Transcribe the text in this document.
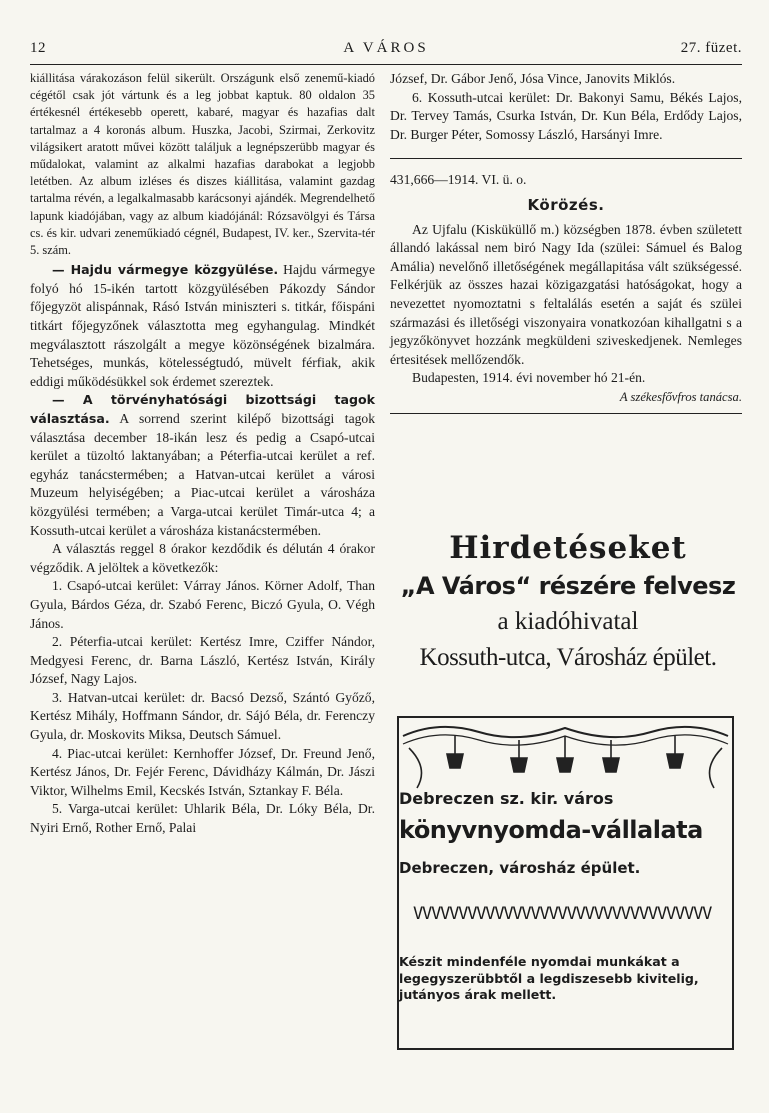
12	A VÁROS	27. füzet.

kiállitása várakozáson felül sikerült. Országunk első zenemű-kiadó cégétől csak jót vártunk és a leg jobbat kaptuk. 80 oldalon 35 értékesnél értékesebb operett, kabaré, magyar és hazafias dalt tartalmaz a 4 koronás album. Huszka, Jacobi, Szirmai, Zerkovitz világsikert aratott művei között találjuk a legnépszerübb magyar és műdalokat, valamint az alkalmi hazafias darabokat a legjobb letétben. Az album izléses és diszes kiállitása, valamint gazdag tartalma révén, a legalkalmasabb karácsonyi ajándék. Megrendelhető lapunk kiadójában, vagy az album kiadójánál: Rózsavölgyi és Társa cs. és kir. udvari zeneműkiadó cégnél, Budapest, IV. ker., Szervita-tér 5. szám.

— Hajdu vármegye közgyülése. Hajdu vármegye folyó hó 15-ikén tartott közgyülésében Pákozdy Sándor főjegyzöt alispánnak, Rásó István miniszteri s. titkár, főispáni titkárt főjegyzőnek választotta meg egyhangulag. Mindkét megválasztott rászolgált a megye közönségének bizalmára. Tehetséges, munkás, kötelességtudó, müvelt férfiak, akik eddigi működésükkel sok érdemet szereztek.

— A törvényhatósági bizottsági tagok választása. A sorrend szerint kilépő bizottsági tagok választása december 18-ikán lesz és pedig a Csapó-utcai kerület a tüzoltó laktanyában; a Péterfia-utcai kerület a ref. egyház tanácstermében; a Hatvan-utcai kerület a városi Muzeum helyiségében; a Piac-utcai kerület a városháza közgyülési termében; a Varga-utcai kerület Timár-utca 4; a Kossuth-utcai kerület a városháza kistanácstermében.

A választás reggel 8 órakor kezdődik és délután 4 órakor végződik. A jelöltek a következők:

1. Csapó-utcai kerület: Várray János. Körner Adolf, Than Gyula, Bárdos Géza, dr. Szabó Ferenc, Biczó Gyula, O. Végh János.

2. Péterfia-utcai kerület: Kertész Imre, Cziffer Nándor, Medgyesi Ferenc, dr. Barna László, Kertész István, Király József, Nagy Lajos.

3. Hatvan-utcai kerület: dr. Bacsó Dezső, Szántó Győző, Kertész Mihály, Hoffmann Sándor, dr. Sájó Béla, dr. Ferenczy Gyula, dr. Moskovits Miksa, Deutsch Sámuel.

4. Piac-utcai kerület: Kernhoffer József, Dr. Freund Jenő, Kertész János, Dr. Fejér Ferenc, Dávidházy Kálmán, Dr. Jászi Viktor, Wilhelms Emil, Kecskés István, Sztankay F. Béla.

5. Varga-utcai kerület: Uhlarik Béla, Dr. Lóky Béla, Dr. Nyiri Ernő, Rother Ernő, Palai

József, Dr. Gábor Jenő, Jósa Vince, Janovits Miklós.

6. Kossuth-utcai kerület: Dr. Bakonyi Samu, Békés Lajos, Dr. Tervey Tamás, Csurka István, Dr. Kun Béla, Erdődy Lajos, Dr. Burger Péter, Somossy László, Harsányi Imre.

431,666—1914. VI. ü. o.

Körözés.

Az Ujfalu (Kisküküllő m.) községben 1878. évben született állandó lakással nem biró Nagy Ida (szülei: Sámuel és Balog Amália) nevelőnő illetőségének megállapitása vált szükségessé. Felkérjük az összes hazai közigazgatási hatóságokat, hogy a nevezettet nyomoztatni s feltalálás esetén a saját és szülei származási és illetőségi viszonyaira vonatkozóan kihallgatni s a jegyzőkönyvet hozzánk megküldeni sziveskedjenek. Nemleges értesitések mellőzendők.

Budapesten, 1914. évi november hó 21-én.

A székesfővfros tanácsa.

Hirdetéseket
„A Város“ részére felvesz
a kiadóhivatal
Kossuth-utca, Városház épület.
Debreczen sz. kir. város
könyvnyomda-vállalata
Debreczen, városház épület.
VVVVVVVVVVVVVVVVVVVVVVVVVVVVVVVVV
Készit mindenféle nyomdai munkákat a legegyszerübbtől a legdiszesebb kivitelig, jutányos árak mellett.
